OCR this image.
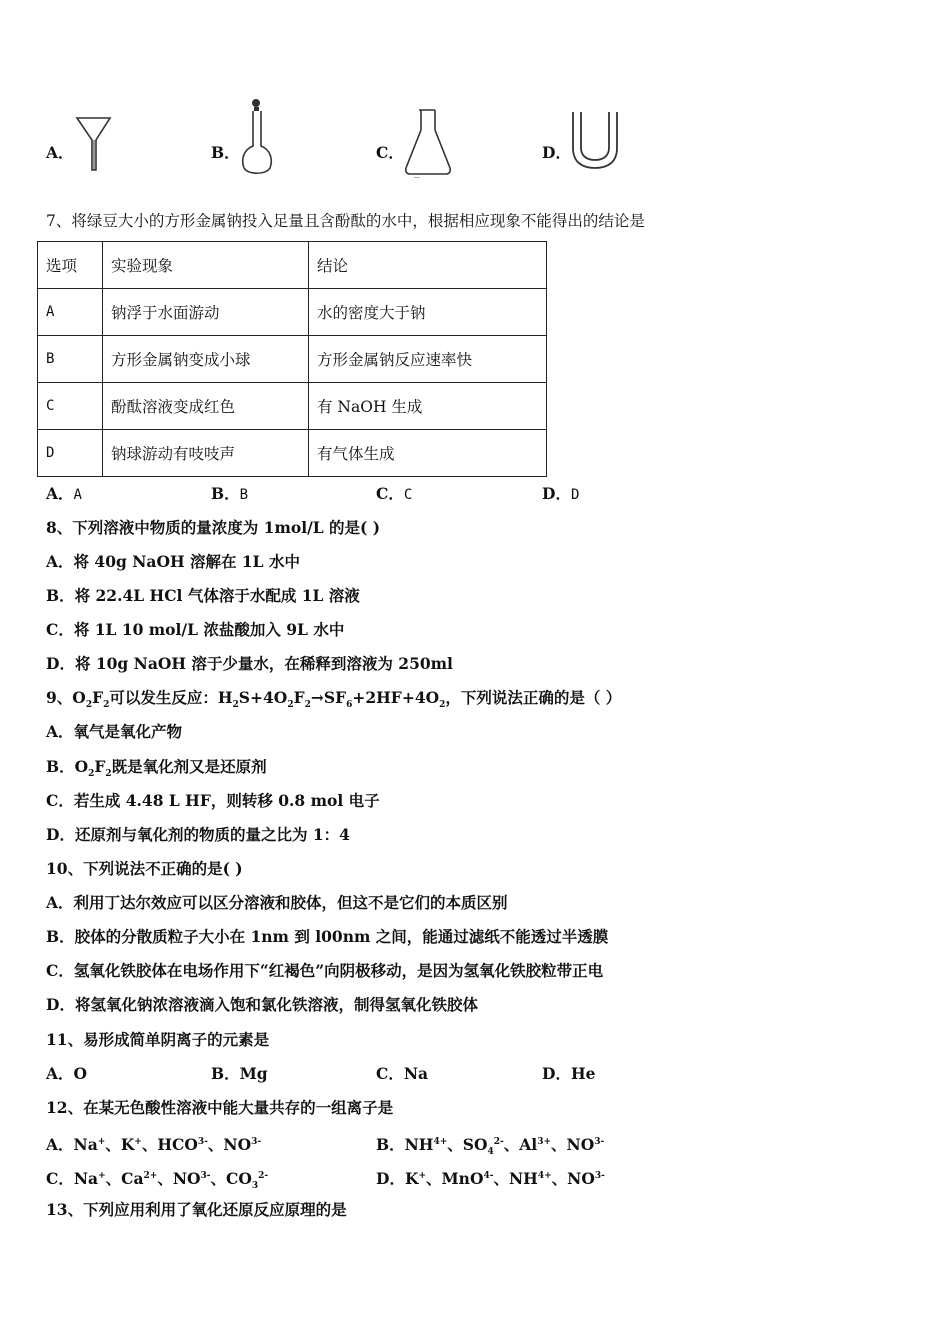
A．	B．	C．	D．
7、将绿豆大小的方形金属钠投入足量且含酚酞的水中，根据相应现象不能得出的结论是
选项	实验现象	结论
A	钠浮于水面游动	水的密度大于钠
B	方形金属钠变成小球	方形金属钠反应速率快
C	酚酞溶液变成红色	有 NaOH 生成
D	钠球游动有吱吱声	有气体生成
A．A	B．B	C．C	D．D
8、下列溶液中物质的量浓度为 1mol/L 的是( )
A．将 40g NaOH 溶解在 1L 水中
B．将 22.4L HCl 气体溶于水配成 1L 溶液
C．将 1L 10 mol/L 浓盐酸加入 9L 水中
D．将 10g NaOH 溶于少量水，在稀释到溶液为 250ml
9、$O_2F_2$可以发生反应：$H_2S+4O_2F_2\to SF_6+2HF+4O_2$，下列说法正确的是（ ）
A．氧气是氧化产物
B．$O_2F_2$既是氧化剂又是还原剂
C．若生成 4.48 L HF，则转移 0.8 mol 电子
D．还原剂与氧化剂的物质的量之比为 1：4
10、下列说法不正确的是( )
A．利用丁达尔效应可以区分溶液和胶体，但这不是它们的本质区别
B．胶体的分散质粒子大小在 1nm 到 l00nm 之间，能通过滤纸不能透过半透膜
C．氢氧化铁胶体在电场作用下“红褐色”向阴极移动，是因为氢氧化铁胶粒带正电
D．将氢氧化钠浓溶液滴入饱和氯化铁溶液，制得氢氧化铁胶体
11、易形成简单阴离子的元素是
A．O	B．Mg	C．Na	D．He
12、在某无色酸性溶液中能大量共存的一组离子是
A．Na+、K+、$HCO^{3-}$、$NO^{3-}$	B．$NH^{4+}$、$SO_4^{2-}$、$Al^{3+}$、$NO^{3-}$
C．Na+、$Ca^{2+}$、$NO^{3-}$、$CO_3^{2-}$	D．K+、MnO$^{4-}$、$NH^{4+}$、$NO^{3-}$
13、下列应用利用了氧化还原反应原理的是
